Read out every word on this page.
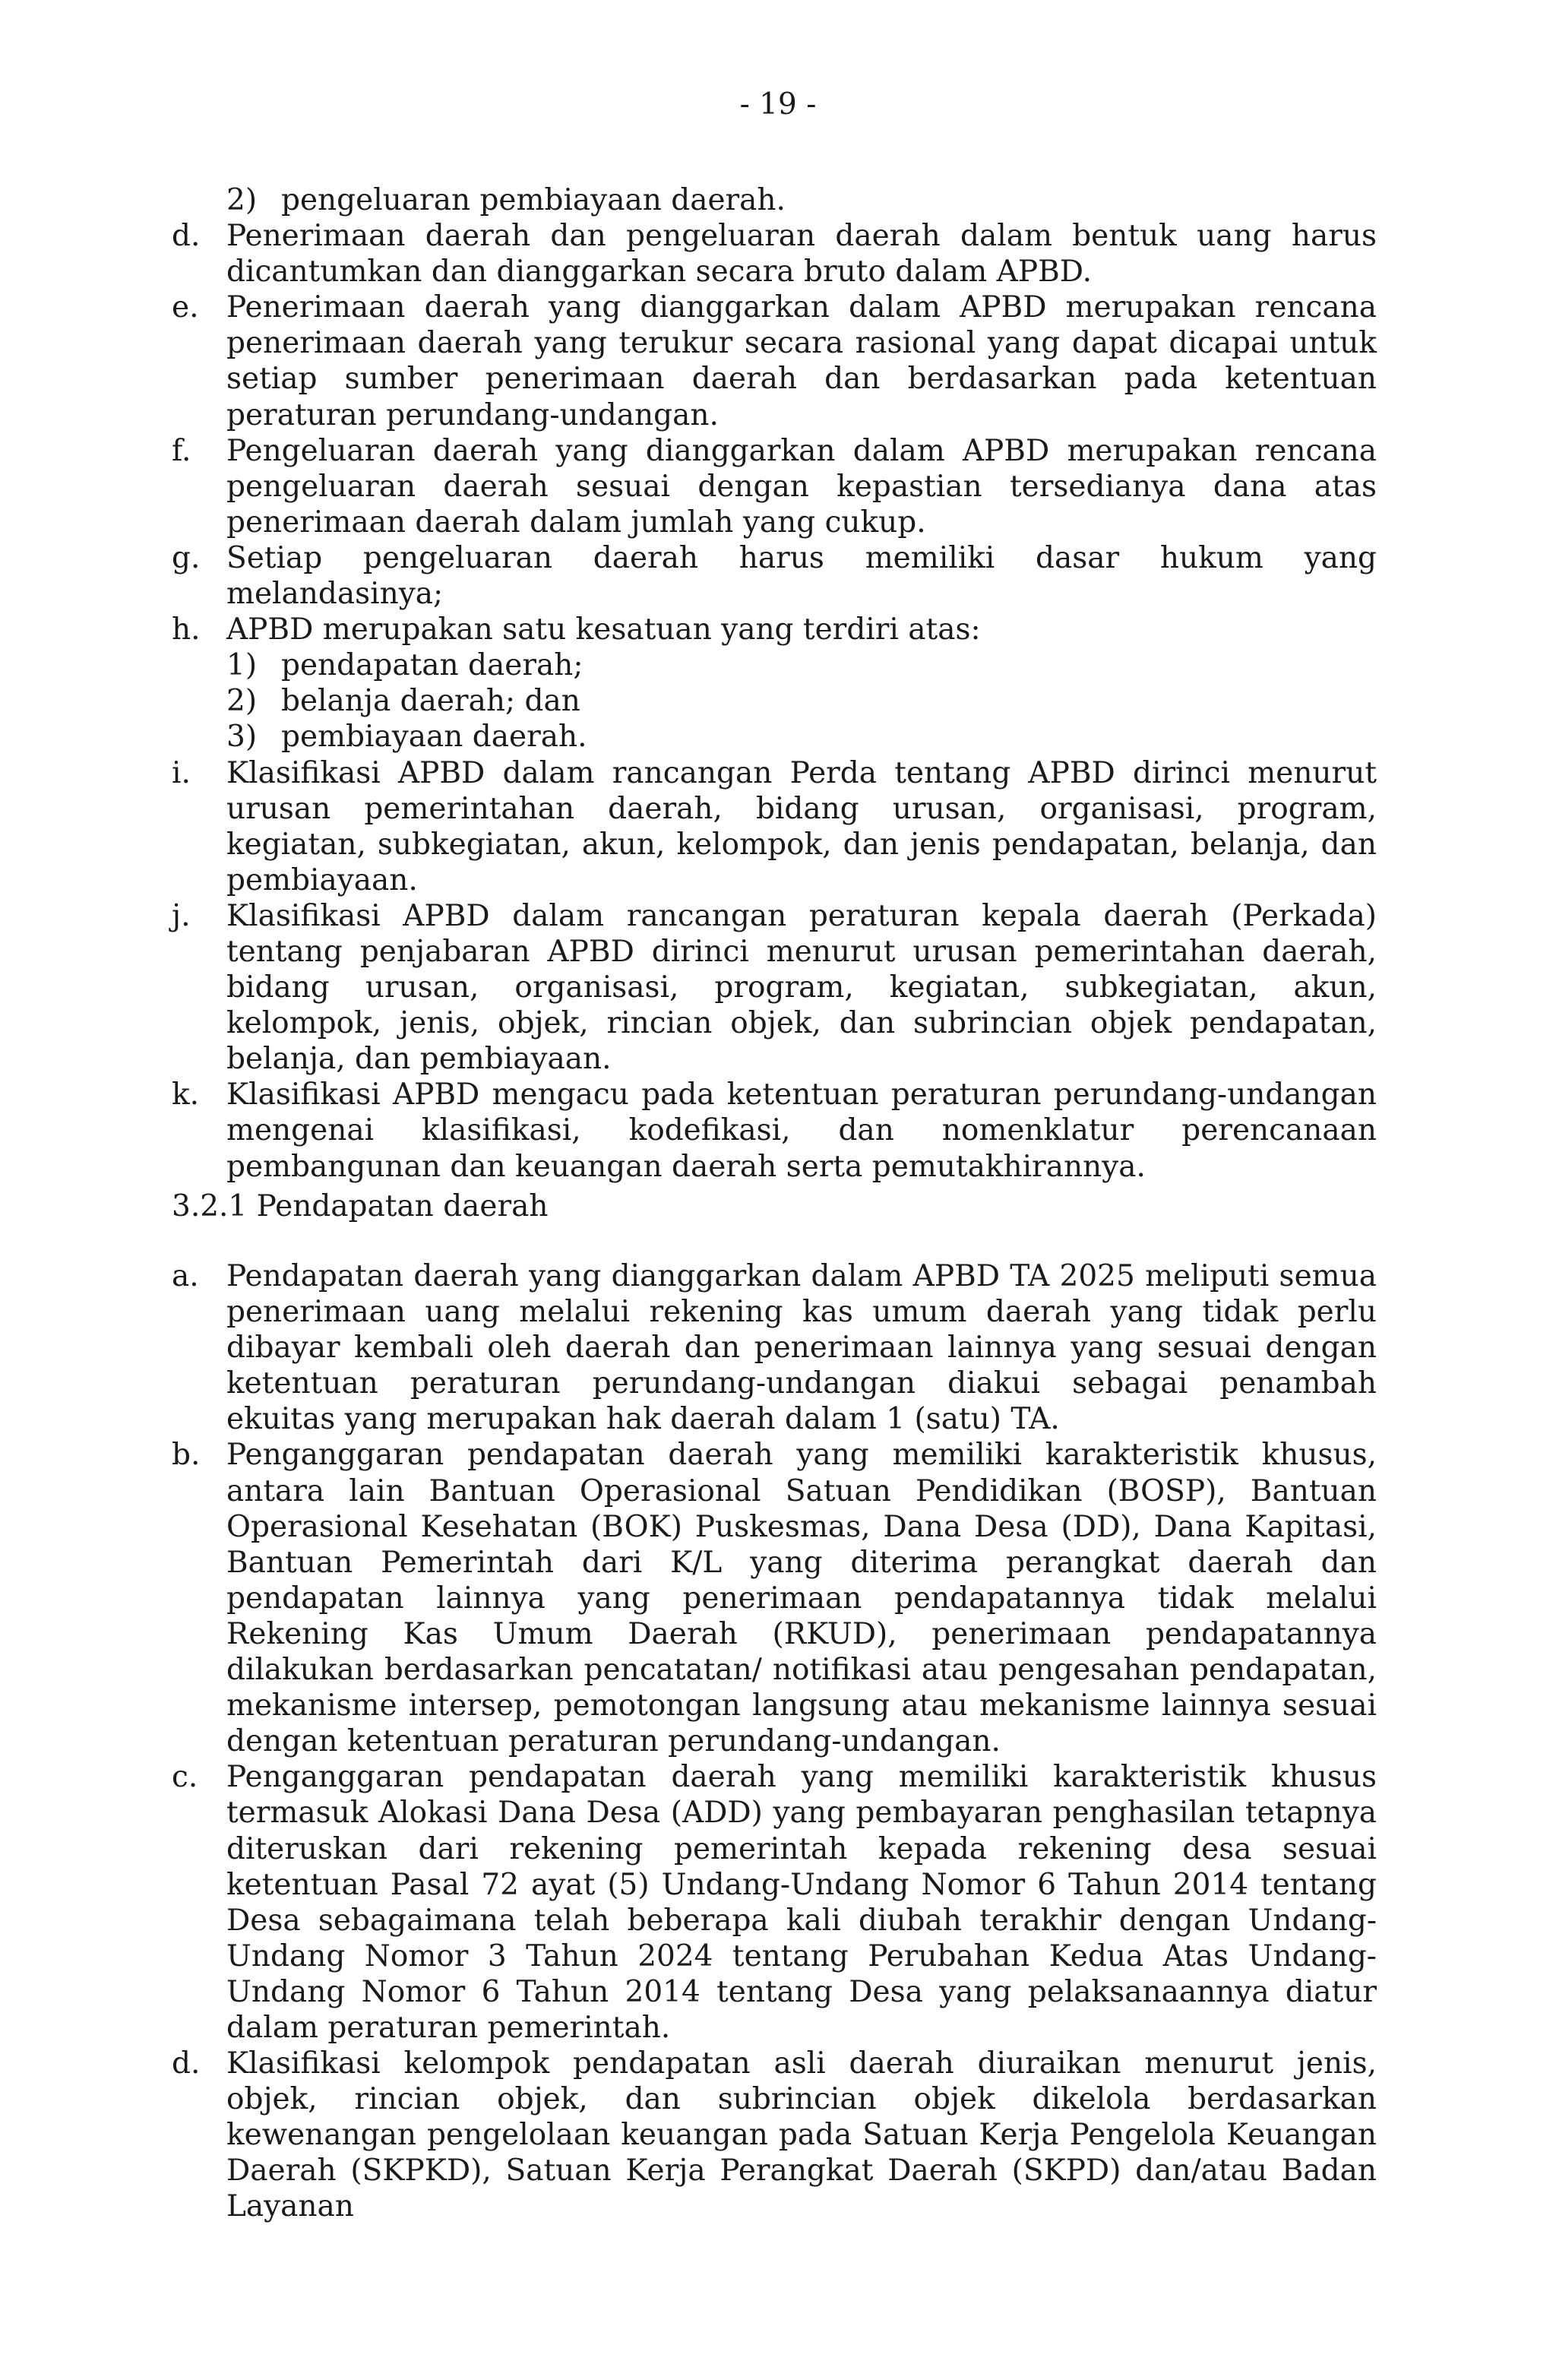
- 19 -
2) pengeluaran pembiayaan daerah.
d. Penerimaan daerah dan pengeluaran daerah dalam bentuk uang harus dicantumkan dan dianggarkan secara bruto dalam APBD.
e. Penerimaan daerah yang dianggarkan dalam APBD merupakan rencana penerimaan daerah yang terukur secara rasional yang dapat dicapai untuk setiap sumber penerimaan daerah dan berdasarkan pada ketentuan peraturan perundang-undangan.
f. Pengeluaran daerah yang dianggarkan dalam APBD merupakan rencana pengeluaran daerah sesuai dengan kepastian tersedianya dana atas penerimaan daerah dalam jumlah yang cukup.
g. Setiap pengeluaran daerah harus memiliki dasar hukum yang melandasinya;
h. APBD merupakan satu kesatuan yang terdiri atas:
1) pendapatan daerah;
2) belanja daerah; dan
3) pembiayaan daerah.
i. Klasifikasi APBD dalam rancangan Perda tentang APBD dirinci menurut urusan pemerintahan daerah, bidang urusan, organisasi, program, kegiatan, subkegiatan, akun, kelompok, dan jenis pendapatan, belanja, dan pembiayaan.
j. Klasifikasi APBD dalam rancangan peraturan kepala daerah (Perkada) tentang penjabaran APBD dirinci menurut urusan pemerintahan daerah, bidang urusan, organisasi, program, kegiatan, subkegiatan, akun, kelompok, jenis, objek, rincian objek, dan subrincian objek pendapatan, belanja, dan pembiayaan.
k. Klasifikasi APBD mengacu pada ketentuan peraturan perundang-undangan mengenai klasifikasi, kodefikasi, dan nomenklatur perencanaan pembangunan dan keuangan daerah serta pemutakhirannya.
3.2.1 Pendapatan daerah
a. Pendapatan daerah yang dianggarkan dalam APBD TA 2025 meliputi semua penerimaan uang melalui rekening kas umum daerah yang tidak perlu dibayar kembali oleh daerah dan penerimaan lainnya yang sesuai dengan ketentuan peraturan perundang-undangan diakui sebagai penambah ekuitas yang merupakan hak daerah dalam 1 (satu) TA.
b. Penganggaran pendapatan daerah yang memiliki karakteristik khusus, antara lain Bantuan Operasional Satuan Pendidikan (BOSP), Bantuan Operasional Kesehatan (BOK) Puskesmas, Dana Desa (DD), Dana Kapitasi, Bantuan Pemerintah dari K/L yang diterima perangkat daerah dan pendapatan lainnya yang penerimaan pendapatannya tidak melalui Rekening Kas Umum Daerah (RKUD), penerimaan pendapatannya dilakukan berdasarkan pencatatan/ notifikasi atau pengesahan pendapatan, mekanisme intersep, pemotongan langsung atau mekanisme lainnya sesuai dengan ketentuan peraturan perundang-undangan.
c. Penganggaran pendapatan daerah yang memiliki karakteristik khusus termasuk Alokasi Dana Desa (ADD) yang pembayaran penghasilan tetapnya diteruskan dari rekening pemerintah kepada rekening desa sesuai ketentuan Pasal 72 ayat (5) Undang-Undang Nomor 6 Tahun 2014 tentang Desa sebagaimana telah beberapa kali diubah terakhir dengan Undang-Undang Nomor 3 Tahun 2024 tentang Perubahan Kedua Atas Undang-Undang Nomor 6 Tahun 2014 tentang Desa yang pelaksanaannya diatur dalam peraturan pemerintah.
d. Klasifikasi kelompok pendapatan asli daerah diuraikan menurut jenis, objek, rincian objek, dan subrincian objek dikelola berdasarkan kewenangan pengelolaan keuangan pada Satuan Kerja Pengelola Keuangan Daerah (SKPKD), Satuan Kerja Perangkat Daerah (SKPD) dan/atau Badan Layanan
